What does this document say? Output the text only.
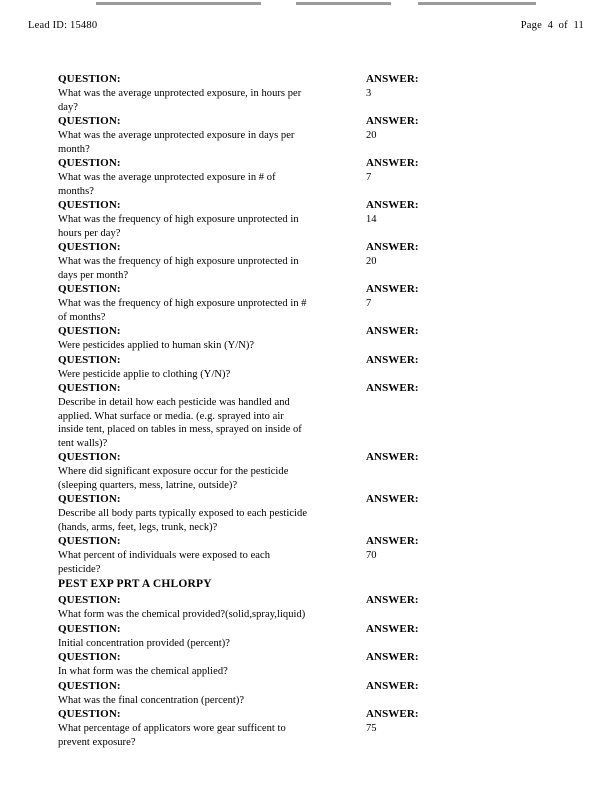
Lead ID: 15480	Page  4  of  11
QUESTION:		ANSWER:
What was the average unprotected exposure, in hours per day?		3
QUESTION:		ANSWER:
What was the average unprotected exposure in days per month?		20
QUESTION:		ANSWER:
What was the average unprotected exposure in # of months?		7
QUESTION:		ANSWER:
What was the frequency of high exposure unprotected in hours per day?		14
QUESTION:		ANSWER:
What was the frequency of high exposure unprotected in days per month?		20
QUESTION:		ANSWER:
What was the frequency of high exposure unprotected in # of months?		7
QUESTION:		ANSWER:
Were pesticides applied to human skin (Y/N)?		
QUESTION:		ANSWER:
Were pesticide applie to clothing (Y/N)?		
QUESTION:		ANSWER:
Describe in detail how each pesticide was handled and applied. What surface or media. (e.g. sprayed into air inside tent, placed on tables in mess, sprayed on inside of tent walls)?		
QUESTION:		ANSWER:
Where did significant exposure occur for the pesticide (sleeping quarters, mess, latrine, outside)?		
QUESTION:		ANSWER:
Describe all body parts typically exposed to each pesticide (hands, arms, feet, legs, trunk, neck)?		
QUESTION:		ANSWER:
What percent of individuals were exposed to each pesticide?		70
PEST EXP PRT A CHLORPY		
QUESTION:		ANSWER:
What form was the chemical provided?(solid,spray,liquid)		
QUESTION:		ANSWER:
Initial concentration provided (percent)?		
QUESTION:		ANSWER:
In what form was the chemical applied?		
QUESTION:		ANSWER:
What was the final concentration (percent)?		
QUESTION:		ANSWER:
What percentage of applicators wore gear sufficent to prevent exposure?		75
